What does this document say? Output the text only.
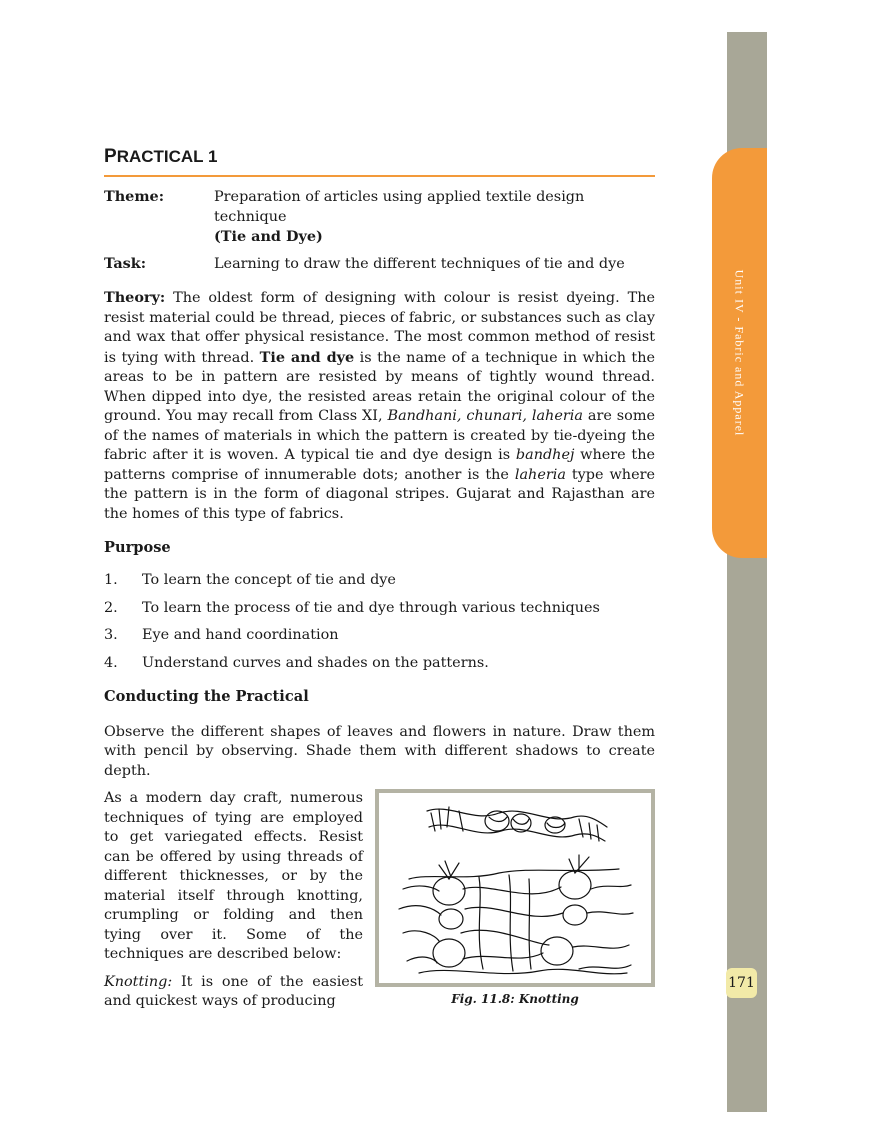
Unit IV - Fabric and Apparel
171
PRACTICAL 1
Theme:	Preparation of articles using applied textile design technique
(Tie and Dye)
Task:	Learning to draw the different techniques of tie and dye

Theory: The oldest form of designing with colour is resist dyeing. The resist material could be thread, pieces of fabric, or substances such as clay and wax that offer physical resistance. The most common method of resist is tying with thread. Tie and dye is the name of a technique in which the areas to be in pattern are resisted by means of tightly wound thread. When dipped into dye, the resisted areas retain the original colour of the ground. You may recall from Class XI, Bandhani, chunari, laheria are some of the names of materials in which the pattern is created by tie-dyeing the fabric after it is woven. A typical tie and dye design is bandhej where the patterns comprise of innumerable dots; another is the laheria type where the pattern is in the form of diagonal stripes. Gujarat and Rajasthan are the homes of this type of fabrics.

Purpose
1.	To learn the concept of tie and dye
2.	To learn the process of tie and dye through various techniques
3.	Eye and hand coordination
4.	Understand curves and shades on the patterns.
Conducting the Practical

Observe the different shapes of leaves and flowers in nature. Draw them with pencil by observing. Shade them with different shadows to create depth.

As a modern day craft, numerous techniques of tying are employed to get variegated effects. Resist can be offered by using threads of different thicknesses, or by the material itself through knotting, crumpling or folding and then tying over it. Some of the techniques are described below:

Knotting: It is one of the easiest and quickest ways of producing	Fig. 11.8: Knotting
